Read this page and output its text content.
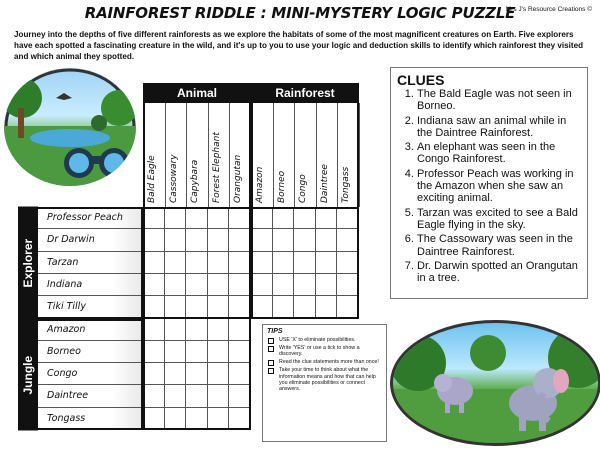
RAINFOREST RIDDLE : MINI-MYSTERY LOGIC PUZZLE
Mrs J's Resource Creations ©
Journey into the depths of five different rainforests as we explore the habitats of some of the most magnificent creatures on Earth. Five explorers have each spotted a fascinating creature in the wild, and it's up to you to use your logic and deduction skills to identify which rainforest they visited and which animal they spotted.
Animal	Rainforest
Bald Eagle	Cassowary	Capybara	Forest Elephant	Orangutan	Amazon	Borneo	Congo	Daintree	Tongass
Explorer
Jungle
Professor Peach
Dr Darwin
Tarzan
Indiana
Tiki Tilly
Amazon
Borneo
Congo
Daintree
Tongass

CLUES

1. The Bald Eagle was not seen in Borneo.
2. Indiana saw an animal while in the Daintree Rainforest.
3. An elephant was seen in the Congo Rainforest.
4. Professor Peach was working in the Amazon when she saw an exciting animal.
5. Tarzan was excited to see a Bald Eagle flying in the sky.
6. The Cassowary was seen in the Daintree Rainforest.
7. Dr. Darwin spotted an Orangutan in a tree.

TIPS

USE 'X' to eliminate possibilities.
Write 'YES' or use a tick to show a discovery.
Read the clue statements more than once!
Take your time to think about what the information means and how that can help you eliminate possibilities or connect answers.
